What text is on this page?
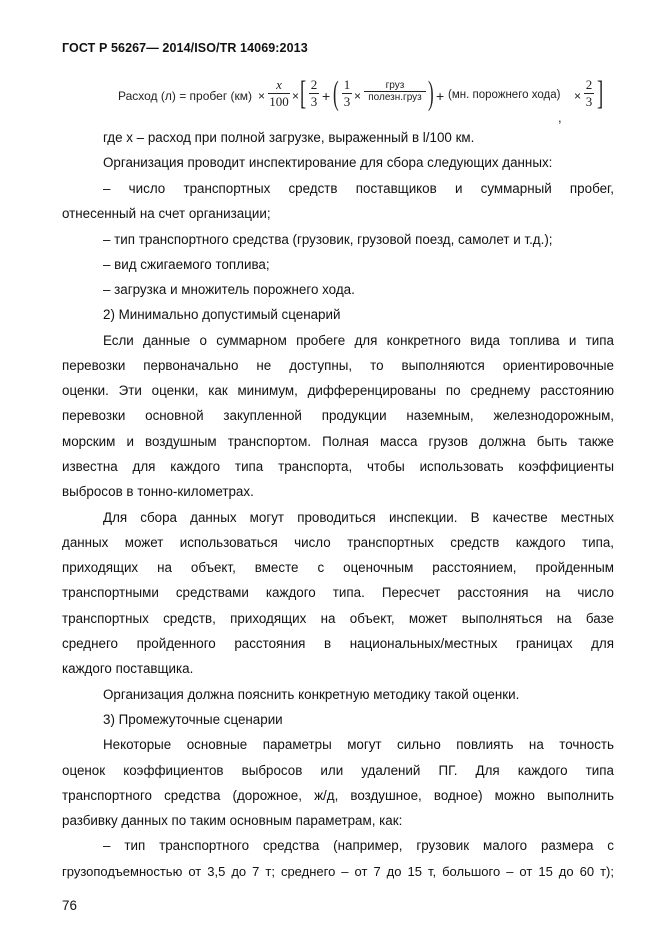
ГОСТ Р 56267— 2014/ISO/TR 14069:2013
Расход (л) = пробег (км) ×
x
100 × [ 2
3 + ( 1
3 ×
груз
полезн.груз ) + (мн. порожнего хода) ×
2
3 ]
,
где x – расход при полной загрузке, выраженный в l/100 км.
Организация проводит инспектирование для сбора следующих данных:
– число транспортных средств поставщиков и суммарный пробег,
отнесенный на счет организации;
– тип транспортного средства (грузовик, грузовой поезд, самолет и т.д.);
– вид сжигаемого топлива;
– загрузка и множитель порожнего хода.
2) Минимально допустимый сценарий
Если данные о суммарном пробеге для конкретного вида топлива и типа
перевозки первоначально не доступны, то выполняются ориентировочные
оценки. Эти оценки, как минимум, дифференцированы по среднему расстоянию
перевозки основной закупленной продукции наземным, железнодорожным,
морским и воздушным транспортом. Полная масса грузов должна быть также
известна для каждого типа транспорта, чтобы использовать коэффициенты
выбросов в тонно-километрах.
Для сбора данных могут проводиться инспекции. В качестве местных
данных может использоваться число транспортных средств каждого типа,
приходящих на объект, вместе с оценочным расстоянием, пройденным
транспортными средствами каждого типа. Пересчет расстояния на число
транспортных средств, приходящих на объект, может выполняться на базе
среднего пройденного расстояния в национальных/местных границах для
каждого поставщика.
Организация должна пояснить конкретную методику такой оценки.
3) Промежуточные сценарии
Некоторые основные параметры могут сильно повлиять на точность
оценок коэффициентов выбросов или удалений ПГ. Для каждого типа
транспортного средства (дорожное, ж/д, воздушное, водное) можно выполнить
разбивку данных по таким основным параметрам, как:
– тип транспортного средства (например, грузовик малого размера с
грузоподъемностью от 3,5 до 7 т; среднего – от 7 до 15 т, большого – от 15 до 60 т);
76
